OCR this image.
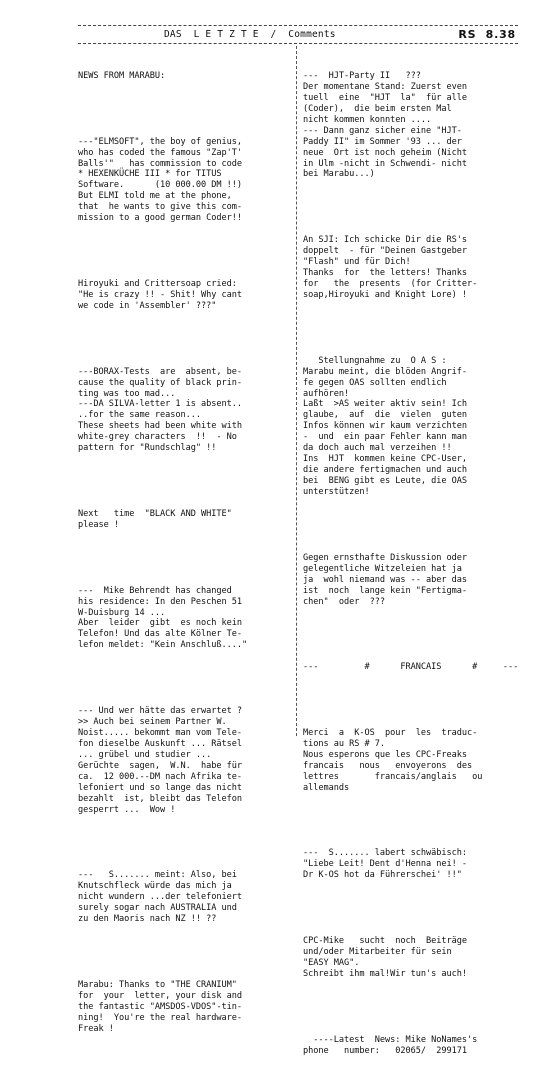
DAS  L E T Z T E  /  Comments

	RS  8.38

NEWS FROM MARABU:

---"ELMSOFT", the boy of genius,
who has coded the famous "Zap'T'
Balls'"   has commission to code
* HEXENKÜCHE III * for TITUS
Software.      (10 000.00 DM !!)
But ELMI told me at the phone,
that  he wants to give this com-
mission to a good german Coder!!

Hiroyuki and Crittersoap cried:
"He is crazy !! - Shit! Why cant
we code in 'Assembler' ???"

---BORAX-Tests  are  absent, be-
cause the quality of black prin-
ting was too mad...
---DA SILVA-letter 1 is absent..
..for the same reason...
These sheets had been white with
white-grey characters  !!  - No
pattern for "Rundschlag" !!

Next   time  "BLACK AND WHITE"
please !

---  Mike Behrendt has changed
his residence: In den Peschen 51
W-Duisburg 14 ...
Aber  leider  gibt  es noch kein
Telefon! Und das alte Kölner Te-
lefon meldet: "Kein Anschluß...."

--- Und wer hätte das erwartet ?
>> Auch bei seinem Partner W.
Noist..... bekommt man vom Tele-
fon dieselbe Auskunft ... Rätsel
... grübel und studier ...
Gerüchte  sagen,  W.N.  habe für
ca.  12 000.--DM nach Afrika te-
lefoniert und so lange das nicht
bezahlt  ist, bleibt das Telefon
gesperrt ...  Wow !

---   S....... meint: Also, bei
Knutschfleck würde das mich ja
nicht wundern ...der telefoniert
surely sogar nach AUSTRALIA und
zu den Maoris nach NZ !! ??

Marabu: Thanks to "THE CRANIUM"
for  your  letter, your disk and
the fantastic "AMSDOS-VDOS"-tin-
ning!  You're the real hardware-
Freak !

---  HJT-Party II   ???
Der momentane Stand: Zuerst even
tuell  eine  "HJT  la"  für alle
(Coder),  die beim ersten Mal
nicht kommen konnten ....
--- Dann ganz sicher eine "HJT-
Paddy II" im Sommer '93 ... der
neue  Ort ist noch geheim (Nicht
in Ulm -nicht in Schwendi- nicht
bei Marabu...)

An SJI: Ich schicke Dir die RS's
doppelt  - für "Deinen Gastgeber
"Flash" und für Dich!
Thanks  for  the letters! Thanks
for   the  presents  (for Critter-
soap,Hiroyuki and Knight Lore) !

Stellungnahme zu  O A S :
Marabu meint, die blöden Angrif-
fe gegen OAS sollten endlich
aufhören!
Laßt  >AS weiter aktiv sein! Ich
glaube,  auf  die  vielen  guten
Infos können wir kaum verzichten
-  und  ein paar Fehler kann man
da doch auch mal verzeihen !!
Ins  HJT  kommen keine CPC-User,
die andere fertigmachen und auch
bei  BENG gibt es Leute, die OAS
unterstützen!

Gegen ernsthafte Diskussion oder
gelegentliche Witzeleien hat ja
ja  wohl niemand was -- aber das
ist  noch  lange kein "Fertigma-
chen"  oder  ???

---         #      FRANCAIS      #     ---

Merci  a  K-OS  pour  les  traduc-
tions au RS # 7.
Nous esperons que les CPC-Freaks
francais   nous   envoyerons  des
lettres       francais/anglais   ou
allemands

---  S....... labert schwäbisch:
"Liebe Leit! Dent d'Henna nei! -
Dr K-OS hot da Führerschei' !!"

CPC-Mike   sucht  noch  Beiträge
und/oder Mitarbeiter für sein
"EASY MAG".
Schreibt ihm mal!Wir tun's auch!

----Latest  News: Mike NoNames's
phone   number:   02065/  299171
